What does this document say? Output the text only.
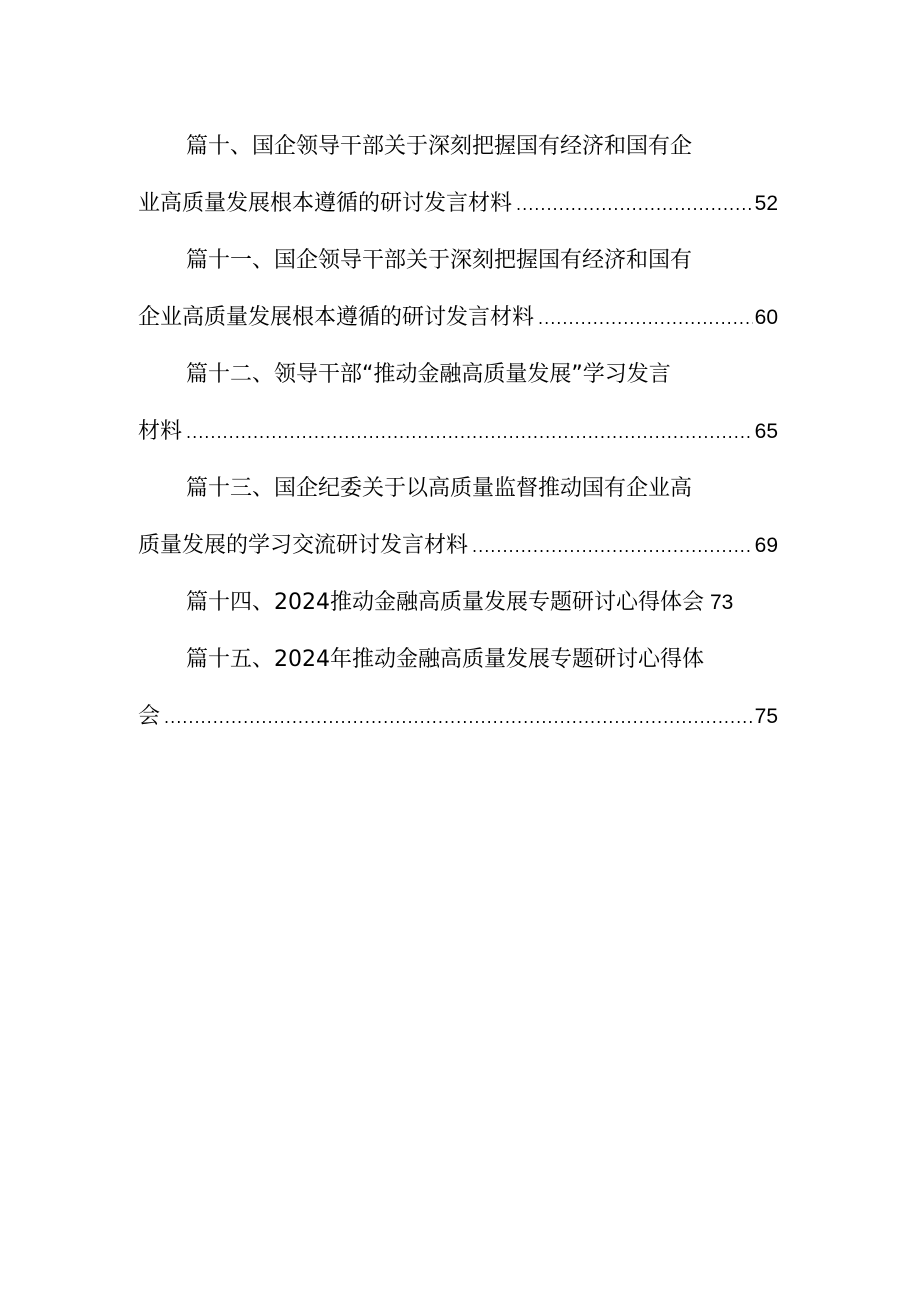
篇十、国企领导干部关于深刻把握国有经济和国有企
业高质量发展根本遵循的研讨发言材料 .....	52
篇十一、国企领导干部关于深刻把握国有经济和国有
企业高质量发展根本遵循的研讨发言材料 .....	60
篇十二、领导干部“推动金融高质量发展”学习发言
材料 .....	65
篇十三、国企纪委关于以高质量监督推动国有企业高
质量发展的学习交流研讨发言材料 .....	69
篇十四、2024推动金融高质量发展专题研讨心得体会 73
篇十五、2024年推动金融高质量发展专题研讨心得体
会 .....	75
